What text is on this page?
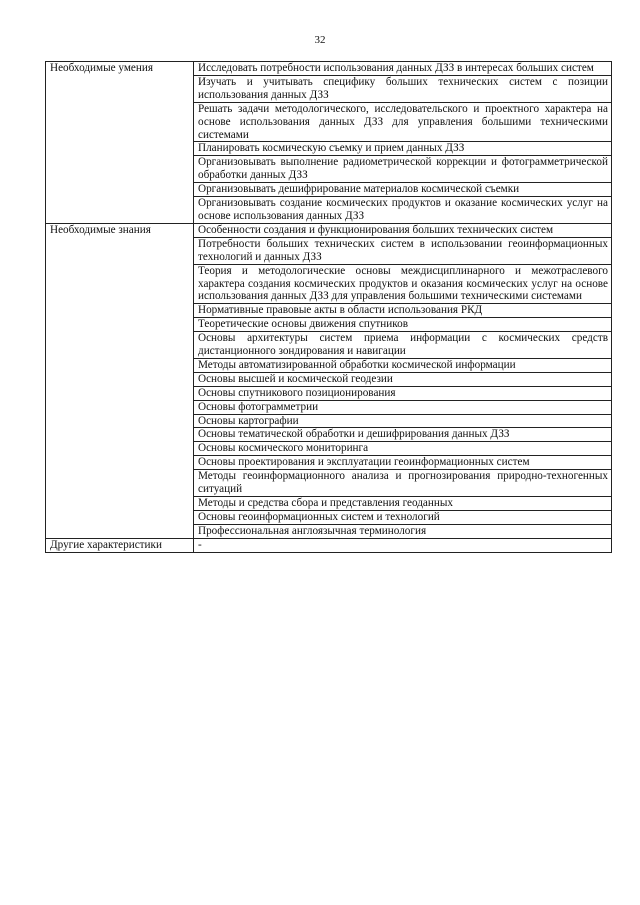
32
Необходимые умения	Исследовать потребности использования данных ДЗЗ в интересах больших систем

	Изучать и учитывать специфику больших технических систем с позиции использования данных ДЗЗ

	Решать задачи методологического, исследовательского и проектного характера на основе использования данных ДЗЗ для управления большими техническими системами

	Планировать космическую съемку и прием данных ДЗЗ

	Организовывать выполнение радиометрической коррекции и фотограмметрической обработки данных ДЗЗ

	Организовывать дешифрирование материалов космической съемки

	Организовывать создание космических продуктов и оказание космических услуг на основе использования данных ДЗЗ

Необходимые знания	Особенности создания и функционирования больших технических систем

	Потребности больших технических систем в использовании геоинформационных технологий и данных ДЗЗ

	Теория и методологические основы междисциплинарного и межотраслевого характера создания космических продуктов и оказания космических услуг на основе использования данных ДЗЗ для управления большими техническими системами

	Нормативные правовые акты в области использования РКД

	Теоретические основы движения спутников

	Основы архитектуры систем приема информации с космических средств дистанционного зондирования и навигации

	Методы автоматизированной обработки космической информации

	Основы высшей и космической геодезии

	Основы спутникового позиционирования

	Основы фотограмметрии

	Основы картографии

	Основы тематической обработки и дешифрирования данных ДЗЗ

	Основы космического мониторинга

	Основы проектирования и эксплуатации геоинформационных систем

	Методы геоинформационного анализа и прогнозирования природно-техногенных ситуаций

	Методы и средства сбора и представления геоданных

	Основы геоинформационных систем и технологий

	Профессиональная англоязычная терминология

Другие характеристики	-
